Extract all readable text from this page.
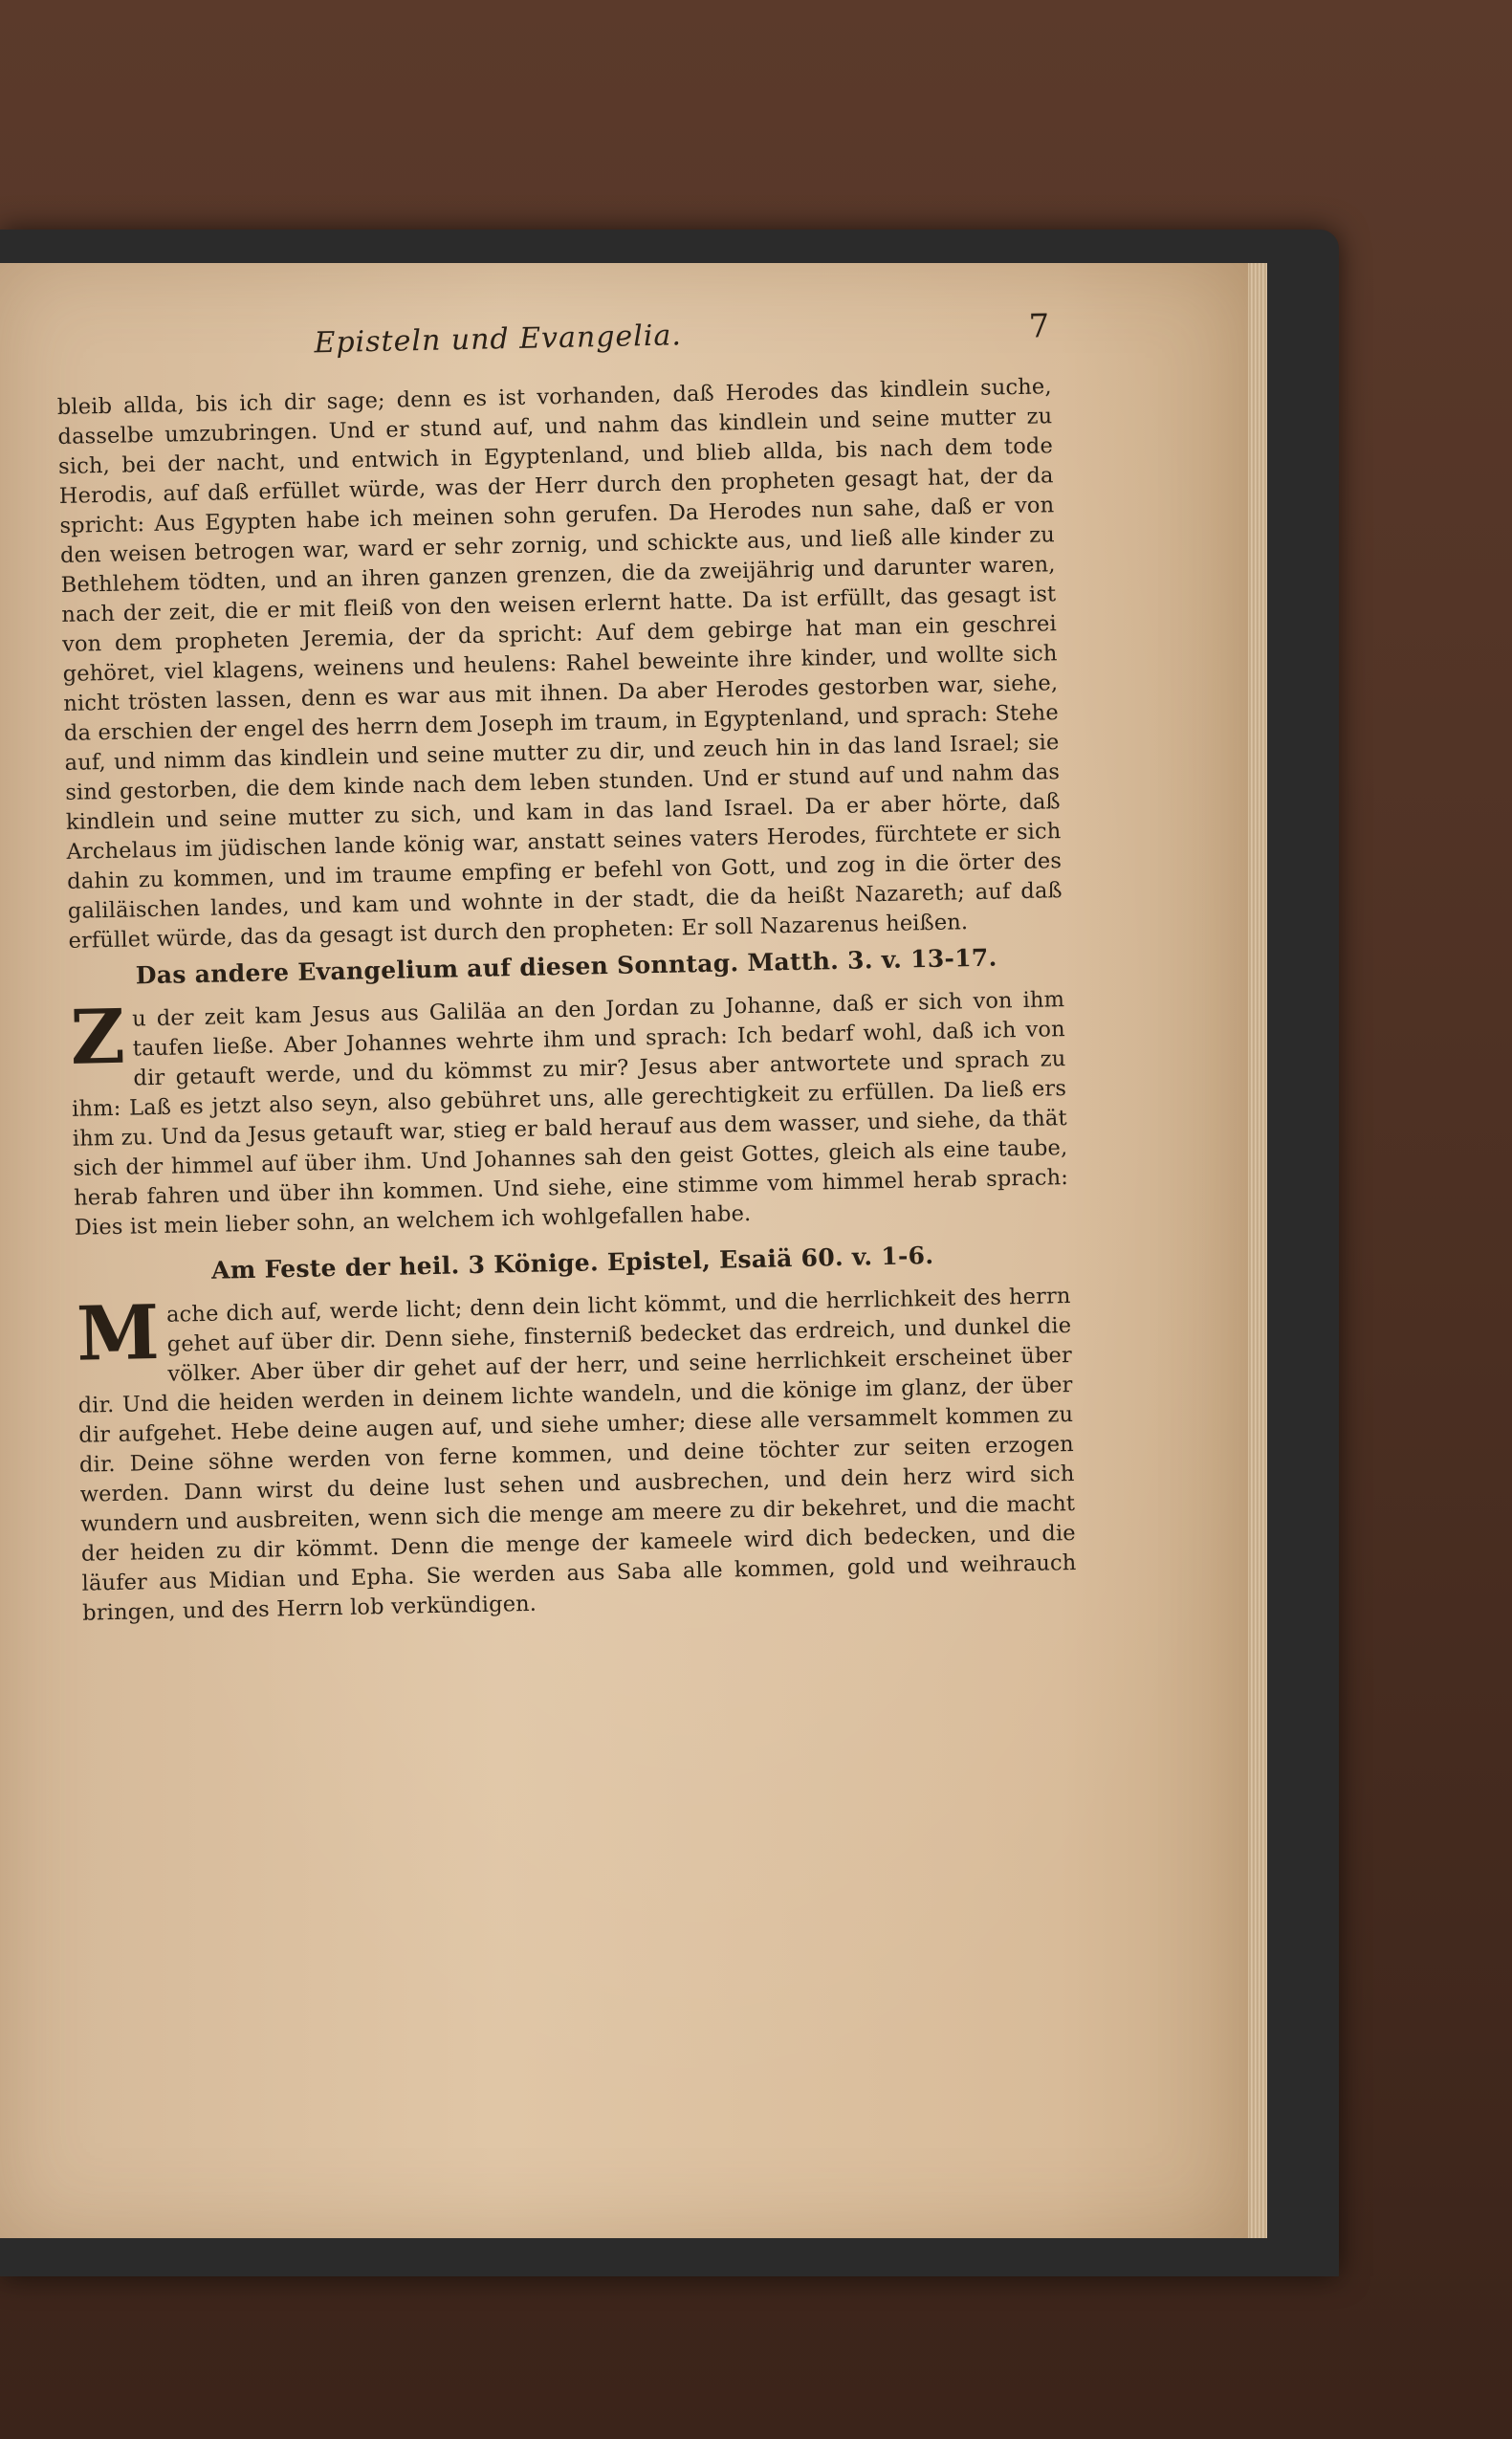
Episteln und Evangelia.	7

bleib allda, bis ich dir sage; denn es ist vorhanden, daß Herodes das kindlein suche, dasselbe umzubringen. Und er stund auf, und nahm das kindlein und seine mutter zu sich, bei der nacht, und entwich in Egyptenland, und blieb allda, bis nach dem tode Herodis, auf daß erfüllet würde, was der Herr durch den propheten gesagt hat, der da spricht: Aus Egypten habe ich meinen sohn gerufen. Da Herodes nun sahe, daß er von den weisen betrogen war, ward er sehr zornig, und schickte aus, und ließ alle kinder zu Bethlehem tödten, und an ihren ganzen grenzen, die da zweijährig und darunter waren, nach der zeit, die er mit fleiß von den weisen erlernt hatte. Da ist erfüllt, das gesagt ist von dem propheten Jeremia, der da spricht: Auf dem gebirge hat man ein geschrei gehöret, viel klagens, weinens und heulens: Rahel beweinte ihre kinder, und wollte sich nicht trösten lassen, denn es war aus mit ihnen. Da aber Herodes gestorben war, siehe, da erschien der engel des herrn dem Joseph im traum, in Egyptenland, und sprach: Stehe auf, und nimm das kindlein und seine mutter zu dir, und zeuch hin in das land Israel; sie sind gestorben, die dem kinde nach dem leben stunden. Und er stund auf und nahm das kindlein und seine mutter zu sich, und kam in das land Israel. Da er aber hörte, daß Archelaus im jüdischen lande könig war, anstatt seines vaters Herodes, fürchtete er sich dahin zu kommen, und im traume empfing er befehl von Gott, und zog in die örter des galiläischen landes, und kam und wohnte in der stadt, die da heißt Nazareth; auf daß erfüllet würde, das da gesagt ist durch den propheten: Er soll Nazarenus heißen.

Das andere Evangelium auf diesen Sonntag. Matth. 3. v. 13-17.
Z u der zeit kam Jesus aus Galiläa an den Jordan zu Johanne, daß er sich von ihm taufen ließe. Aber Johannes wehrte ihm und sprach: Ich bedarf wohl, daß ich von dir getauft werde, und du kömmst zu mir? Jesus aber antwortete und sprach zu ihm: Laß es jetzt also seyn, also gebühret uns, alle gerechtigkeit zu erfüllen. Da ließ ers ihm zu. Und da Jesus getauft war, stieg er bald herauf aus dem wasser, und siehe, da thät sich der himmel auf über ihm. Und Johannes sah den geist Gottes, gleich als eine taube, herab fahren und über ihn kommen. Und siehe, eine stimme vom himmel herab sprach: Dies ist mein lieber sohn, an welchem ich wohlgefallen habe.

Am Feste der heil. 3 Könige. Epistel, Esaiä 60. v. 1-6.
M ache dich auf, werde licht; denn dein licht kömmt, und die herrlichkeit des herrn gehet auf über dir. Denn siehe, finsterniß bedecket das erdreich, und dunkel die völker. Aber über dir gehet auf der herr, und seine herrlichkeit erscheinet über dir. Und die heiden werden in deinem lichte wandeln, und die könige im glanz, der über dir aufgehet. Hebe deine augen auf, und siehe umher; diese alle versammelt kommen zu dir. Deine söhne werden von ferne kommen, und deine töchter zur seiten erzogen werden. Dann wirst du deine lust sehen und ausbrechen, und dein herz wird sich wundern und ausbreiten, wenn sich die menge am meere zu dir bekehret, und die macht der heiden zu dir kömmt. Denn die menge der kameele wird dich bedecken, und die läufer aus Midian und Epha. Sie werden aus Saba alle kommen, gold und weihrauch bringen, und des Herrn lob verkündigen.
